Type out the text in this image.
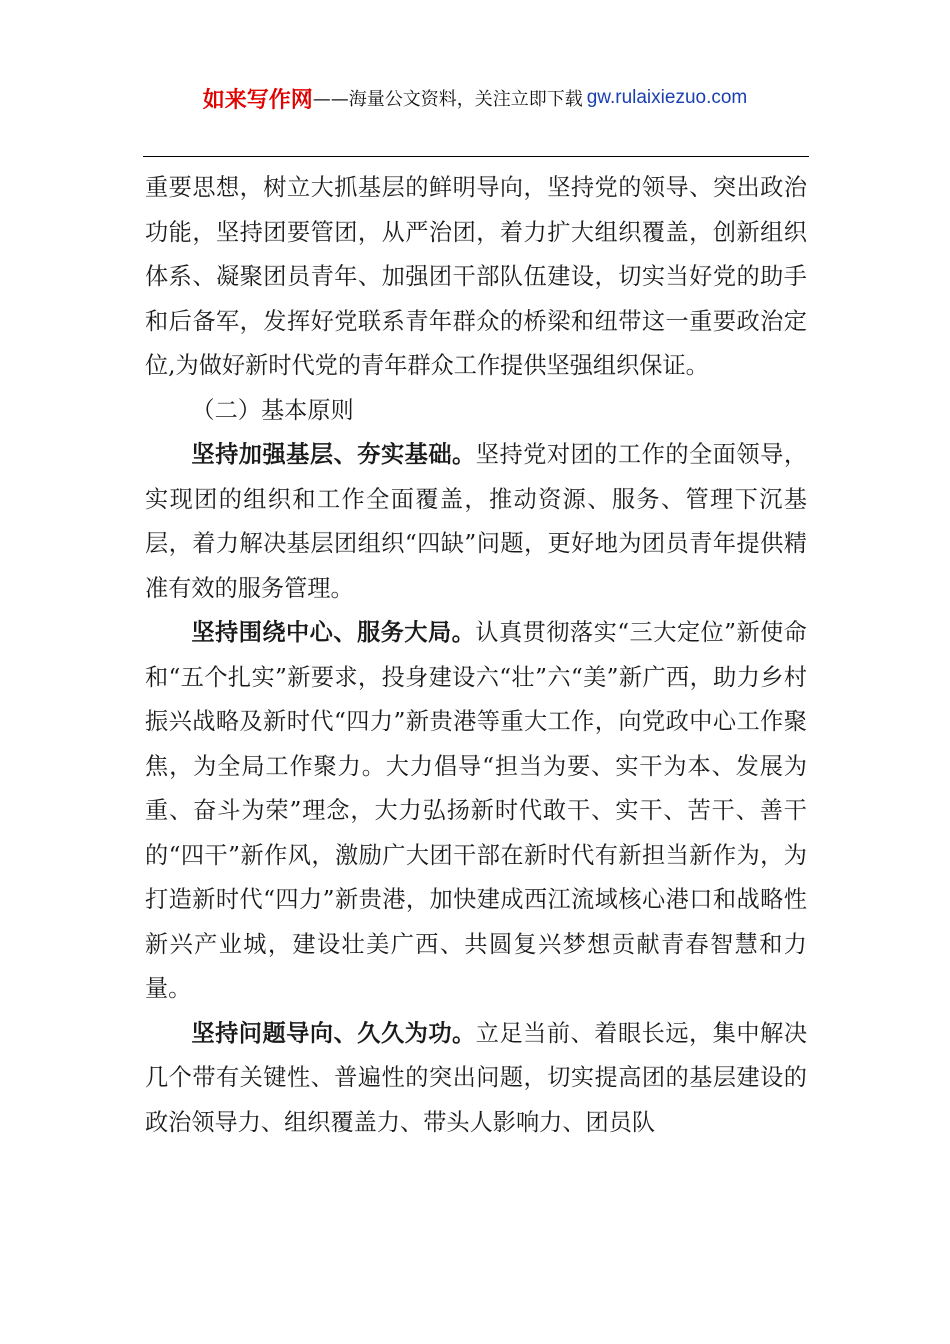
如来写作网 ——海量公文资料，关注立即下载 gw.rulaixiezuo.com

重要思想，树立大抓基层的鲜明导向，坚持党的领导、突出政治功能，坚持团要管团，从严治团，着力扩大组织覆盖，创新组织体系、凝聚团员青年、加强团干部队伍建设，切实当好党的助手和后备军，发挥好党联系青年群众的桥梁和纽带这一重要政治定位,为做好新时代党的青年群众工作提供坚强组织保证。

（二）基本原则

坚持加强基层、夯实基础。坚持党对团的工作的全面领导，实现团的组织和工作全面覆盖，推动资源、服务、管理下沉基层，着力解决基层团组织“四缺”问题，更好地为团员青年提供精准有效的服务管理。

坚持围绕中心、服务大局。认真贯彻落实“三大定位”新使命和“五个扎实”新要求，投身建设六“壮”六“美”新广西，助力乡村振兴战略及新时代“四力”新贵港等重大工作，向党政中心工作聚焦，为全局工作聚力。大力倡导“担当为要、实干为本、发展为重、奋斗为荣”理念，大力弘扬新时代敢干、实干、苦干、善干的“四干”新作风，激励广大团干部在新时代有新担当新作为，为打造新时代“四力”新贵港，加快建成西江流域核心港口和战略性新兴产业城，建设壮美广西、共圆复兴梦想贡献青春智慧和力量。

坚持问题导向、久久为功。立足当前、着眼长远，集中解决几个带有关键性、普遍性的突出问题，切实提高团的基层建设的政治领导力、组织覆盖力、带头人影响力、团员队
